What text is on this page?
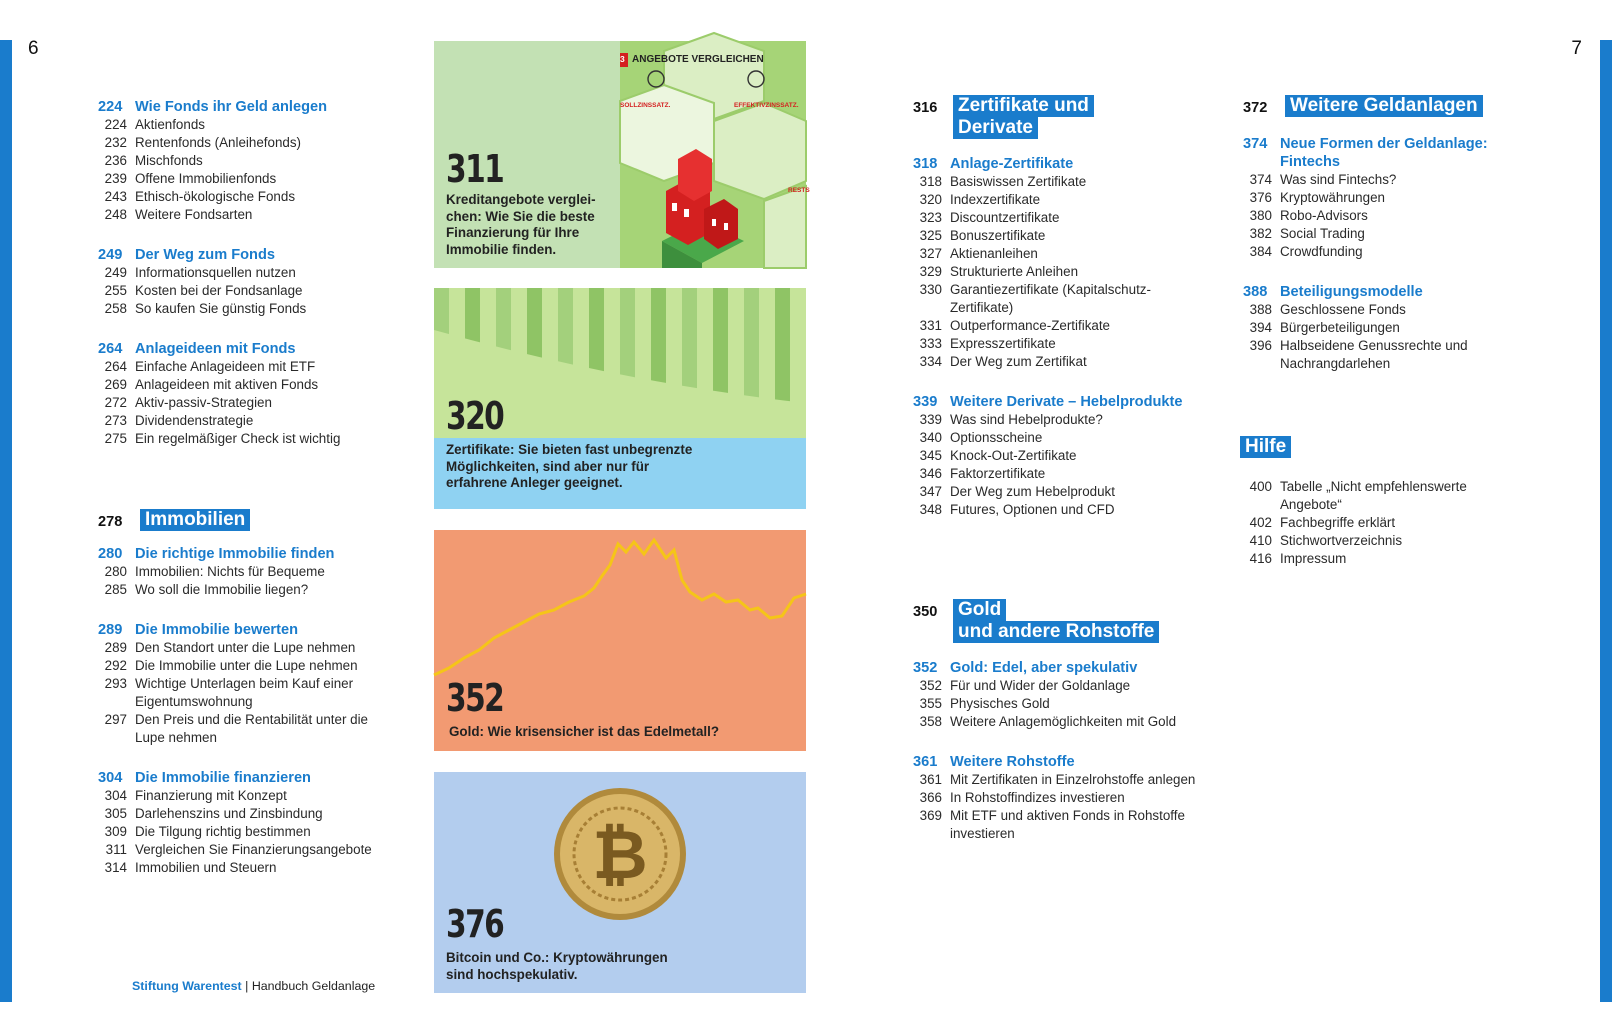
6	7
224 Wie Fonds ihr Geld anlegen
224 Aktienfonds
232 Rentenfonds (Anleihefonds)
236 Mischfonds
239 Offene Immobilienfonds
243 Ethisch-ökologische Fonds
248 Weitere Fondsarten
249 Der Weg zum Fonds
249 Informationsquellen nutzen
255 Kosten bei der Fondsanlage
258 So kaufen Sie günstig Fonds
264 Anlageideen mit Fonds
264 Einfache Anlageideen mit ETF
269 Anlageideen mit aktiven Fonds
272 Aktiv-passiv-Strategien
273 Dividendenstrategie
275 Ein regelmäßiger Check ist wichtig
278	Immobilien
280 Die richtige Immobilie finden
280 Immobilien: Nichts für Bequeme
285 Wo soll die Immobilie liegen?
289 Die Immobilie bewerten
289 Den Standort unter die Lupe nehmen
292 Die Immobilie unter die Lupe nehmen
293 Wichtige Unterlagen beim Kauf einer Eigentumswohnung
297 Den Preis und die Rentabilität unter die Lupe nehmen
304 Die Immobilie finanzieren
304 Finanzierung mit Konzept
305 Darlehenszins und Zinsbindung
309 Die Tilgung richtig bestimmen
311 Vergleichen Sie Finanzierungsangebote
314 Immobilien und Steuern
3 ANGEBOTE VERGLEICHEN
SOLLZINSSATZ.	EFFEKTIVZINSSATZ.
RESTS
311
Kreditangebote vergleichen: Wie Sie die beste Finanzierung für Ihre Immobilie finden.
320
Zertifikate: Sie bieten fast unbegrenzte Möglichkeiten, sind aber nur für erfahrene Anleger geeignet.
352
Gold: Wie krisensicher ist das Edelmetall?
₿
376
Bitcoin und Co.: Kryptowährungen sind hochspekulativ.
316	Zertifikate und
Derivate
318 Anlage-Zertifikate
318 Basiswissen Zertifikate
320 Indexzertifikate
323 Discountzertifikate
325 Bonuszertifikate
327 Aktienanleihen
329 Strukturierte Anleihen
330 Garantiezertifikate (Kapitalschutz-Zertifikate)
331 Outperformance-Zertifikate
333 Expresszertifikate
334 Der Weg zum Zertifikat
339 Weitere Derivate – Hebelprodukte
339 Was sind Hebelprodukte?
340 Optionsscheine
345 Knock-Out-Zertifikate
346 Faktorzertifikate
347 Der Weg zum Hebelprodukt
348 Futures, Optionen und CFD
350	Gold
und andere Rohstoffe
352 Gold: Edel, aber spekulativ
352 Für und Wider der Goldanlage
355 Physisches Gold
358 Weitere Anlagemöglichkeiten mit Gold
361 Weitere Rohstoffe
361 Mit Zertifikaten in Einzelrohstoffe anlegen
366 In Rohstoffindizes investieren
369 Mit ETF und aktiven Fonds in Rohstoffe investieren
372	Weitere Geldanlagen
374 Neue Formen der Geldanlage: Fintechs
374 Was sind Fintechs?
376 Kryptowährungen
380 Robo-Advisors
382 Social Trading
384 Crowdfunding
388 Beteiligungsmodelle
388 Geschlossene Fonds
394 Bürgerbeteiligungen
396 Halbseidene Genussrechte und Nachrangdarlehen
Hilfe
400 Tabelle „Nicht empfehlenswerte Angebote“
402 Fachbegriffe erklärt
410 Stichwortverzeichnis
416 Impressum
Stiftung Warentest | Handbuch Geldanlage
